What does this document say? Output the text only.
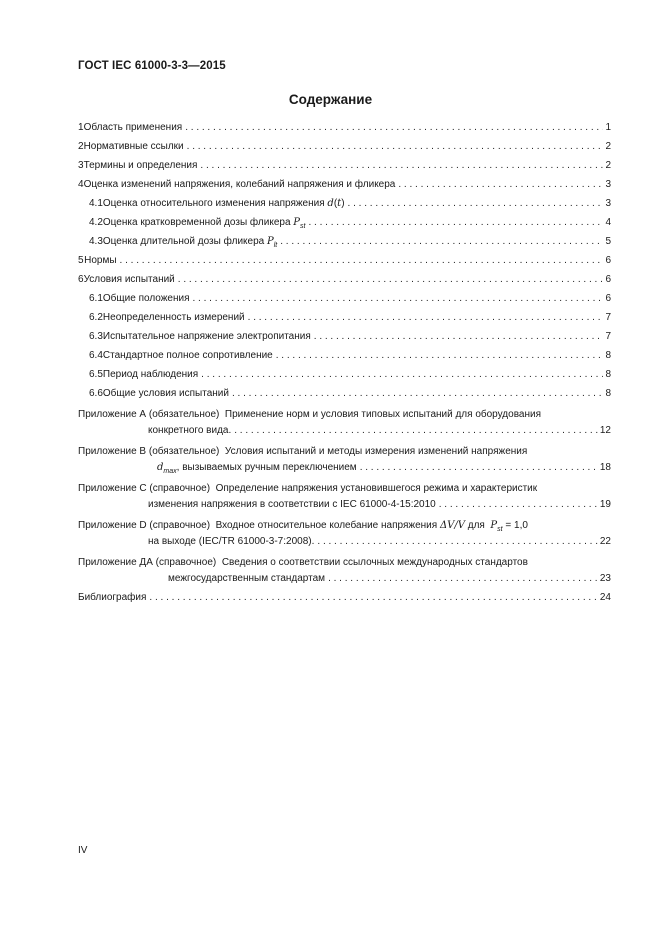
ГОСТ IEC 61000-3-3—2015
Содержание
1 Область применения . . .	1
2 Нормативные ссылки . . .	2
3 Термины и определения . . .	2
4 Оценка изменений напряжения, колебаний напряжения и фликера . . .	3
4.1 Оценка относительного изменения напряжения d(t) . . .	3
4.2 Оценка кратковременной дозы фликера $P_{st}$ . . .	4
4.3 Оценка длительной дозы фликера $P_{lt}$ . . .	5
5 Нормы . . .	6
6 Условия испытаний . . .	6
6.1 Общие положения . . .	6
6.2 Неопределенность измерений . . .	7
6.3 Испытательное напряжение электропитания . . .	7
6.4 Стандартное полное сопротивление . . .	8
6.5 Период наблюдения . . .	8
6.6 Общие условия испытаний . . .	8
Приложение А (обязательное) Применение норм и условия типовых испытаний для оборудования
конкретного вида. . . .	12
Приложение В (обязательное) Условия испытаний и методы измерения изменений напряжения
$d_{max}$, вызываемых ручным переключением . . .	18
Приложение С (справочное) Определение напряжения установившегося режима и характеристик
изменения напряжения в соответствии с IEC 61000-4-15:2010 . . .	19
Приложение D (справочное) Входное относительное колебание напряжения ΔV/V для  $P_{st} = 1,0$
на выходе (IEC/TR 61000-3-7:2008). . . .	22
Приложение ДА (справочное) Сведения о соответствии ссылочных международных стандартов
межгосударственным стандартам . . .	23
Библиография . . .	24
IV
